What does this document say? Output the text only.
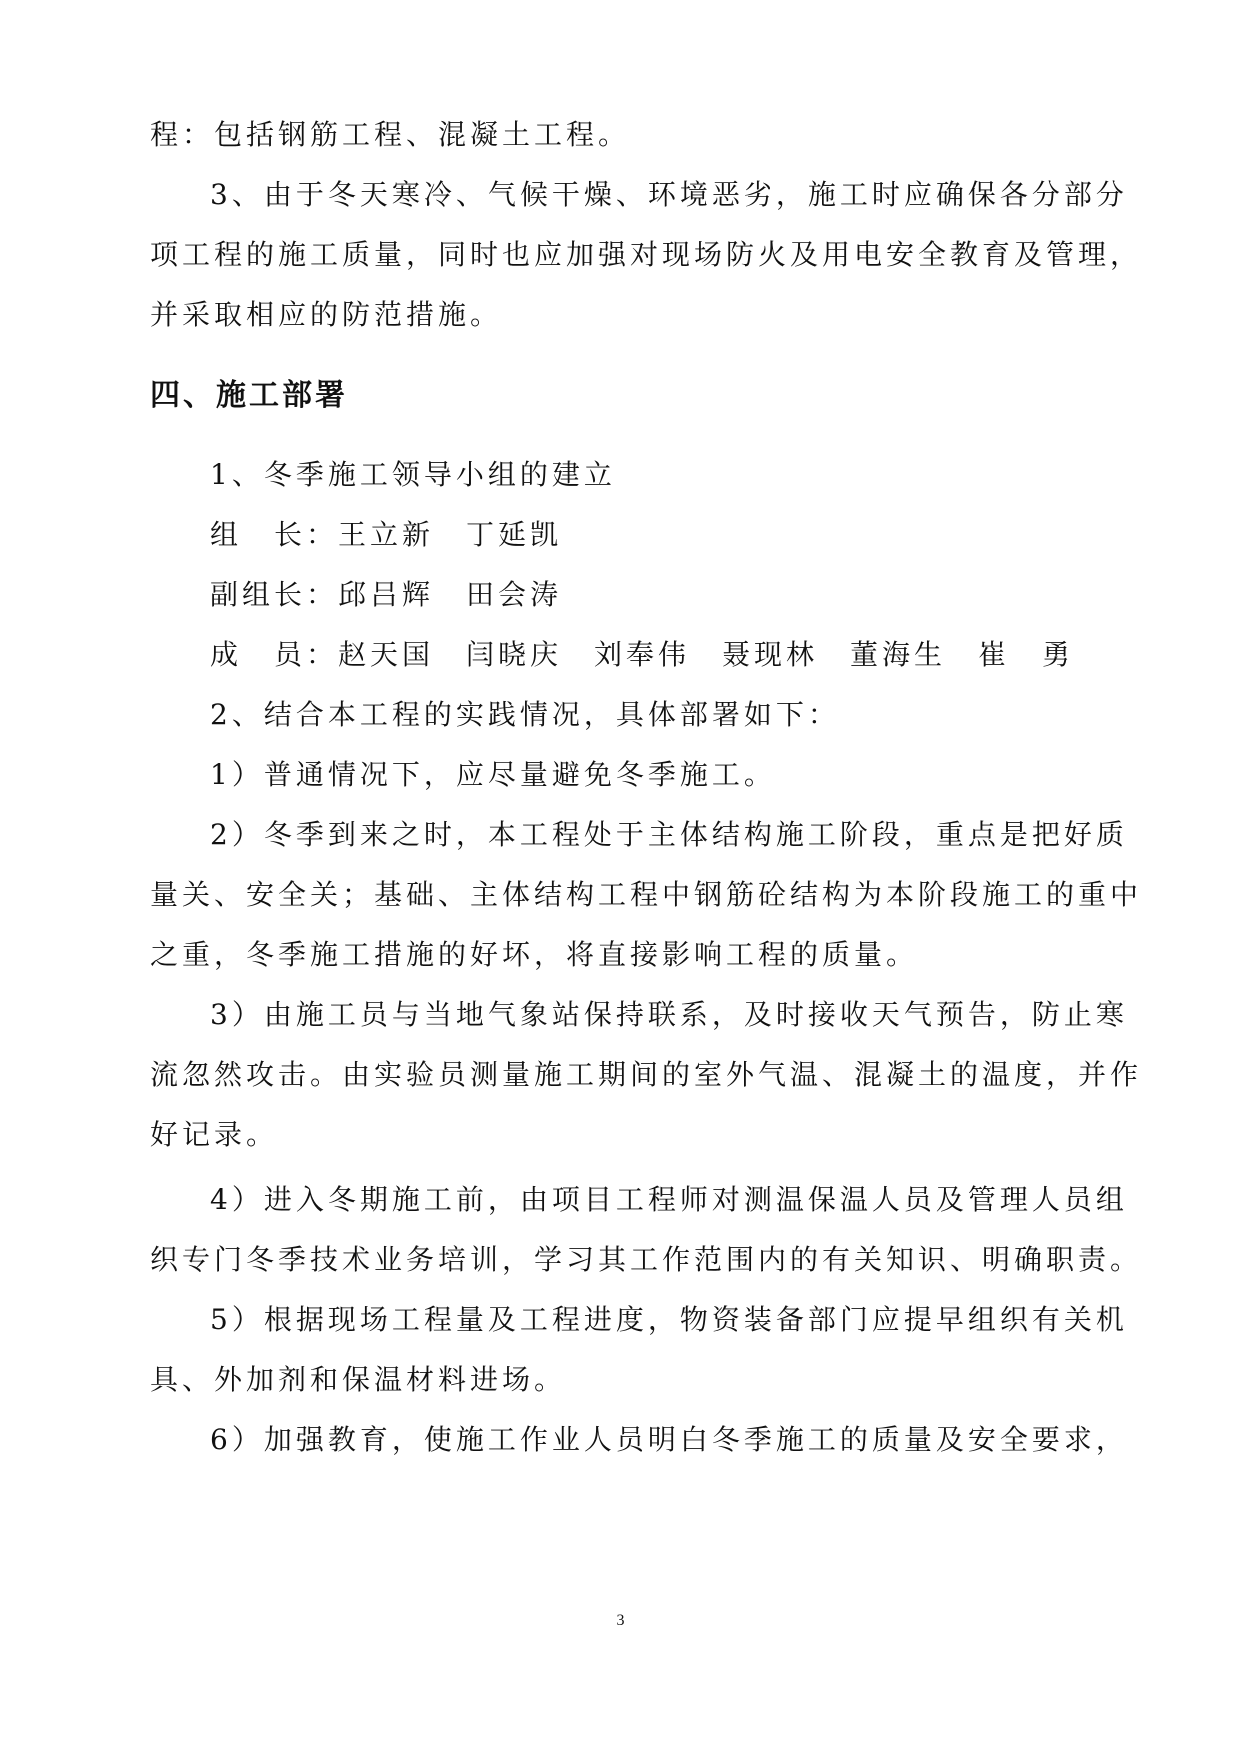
程：包括钢筋工程、混凝土工程。
3、由于冬天寒冷、气候干燥、环境恶劣，施工时应确保各分部分
项工程的施工质量，同时也应加强对现场防火及用电安全教育及管理，
并采取相应的防范措施。
四、施工部署
1、冬季施工领导小组的建立
组　长：王立新　丁延凯
副组长：邱吕辉　田会涛
成　员：赵天国　闫晓庆　刘奉伟　聂现林　董海生　崔　勇
2、结合本工程的实践情况，具体部署如下：
1）普通情况下，应尽量避免冬季施工。
2）冬季到来之时，本工程处于主体结构施工阶段，重点是把好质
量关、安全关；基础、主体结构工程中钢筋砼结构为本阶段施工的重中
之重，冬季施工措施的好坏，将直接影响工程的质量。
3）由施工员与当地气象站保持联系，及时接收天气预告，防止寒
流忽然攻击。由实验员测量施工期间的室外气温、混凝土的温度，并作
好记录。
4）进入冬期施工前，由项目工程师对测温保温人员及管理人员组
织专门冬季技术业务培训，学习其工作范围内的有关知识、明确职责。
5）根据现场工程量及工程进度，物资装备部门应提早组织有关机
具、外加剂和保温材料进场。
6）加强教育，使施工作业人员明白冬季施工的质量及安全要求，
3
